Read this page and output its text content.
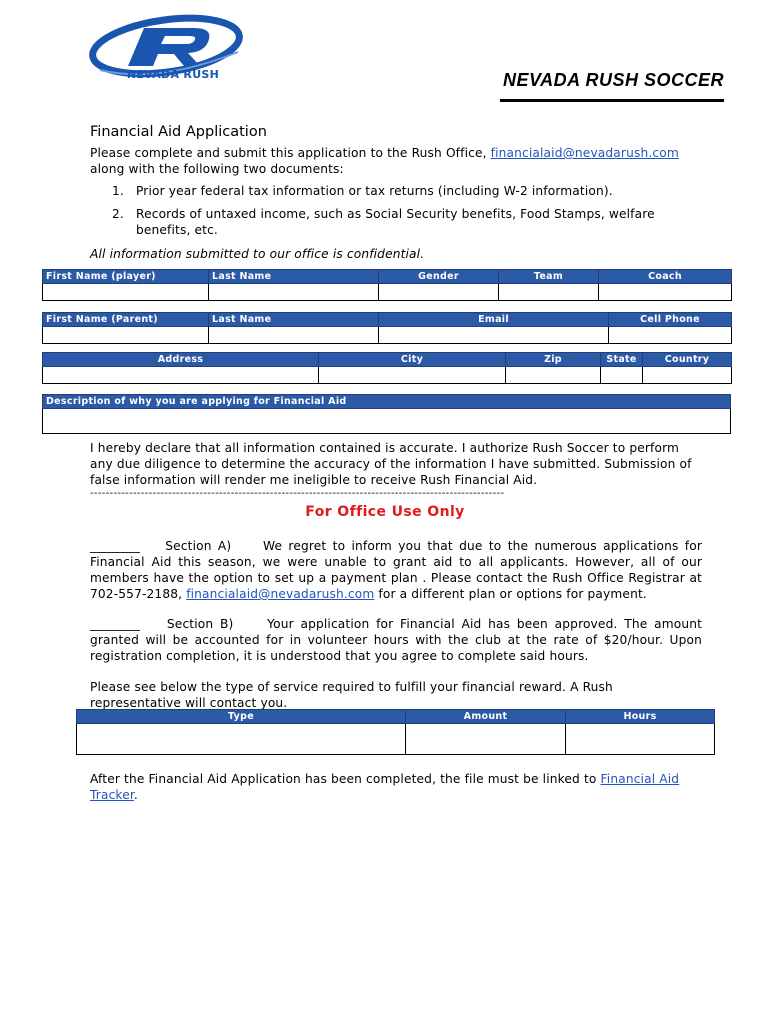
NEVADA RUSH	NEVADA RUSH SOCCER
Financial Aid Application
Please complete and submit this application to the Rush Office, financialaid@nevadarush.com
along with the following two documents:
1. Prior year federal tax information or tax returns (including W-2 information).
2. Records of untaxed income, such as Social Security benefits, Food Stamps, welfare benefits, etc.
All information submitted to our office is confidential.
First Name (player)	Last Name	Gender	Team	Coach

First Name (Parent)	Last Name	Email	Cell Phone

Address	City	Zip	State	Country

Description of why you are applying for Financial Aid

I hereby declare that all information contained is accurate. I authorize Rush Soccer to perform any due diligence to determine the accuracy of the information I have submitted. Submission of false information will render me ineligible to receive Rush Financial Aid.
----------------------------------------------------------------------------------------------------------
For Office Use Only
________ Section A)	We regret to inform you that due to the numerous applications for Financial Aid this season, we were unable to grant aid to all applicants. However, all of our members have the option to set up a payment plan . Please contact the Rush Office Registrar at 702-557-2188, financialaid@nevadarush.com for a different plan or options for payment.
________ Section B)	Your application for Financial Aid has been approved. The amount granted will be accounted for in volunteer hours with the club at the rate of $20/hour. Upon registration completion, it is understood that you agree to complete said hours.
Please see below the type of service required to fulfill your financial reward. A Rush representative will contact you.
Type	Amount	Hours

After the Financial Aid Application has been completed, the file must be linked to Financial Aid Tracker.
